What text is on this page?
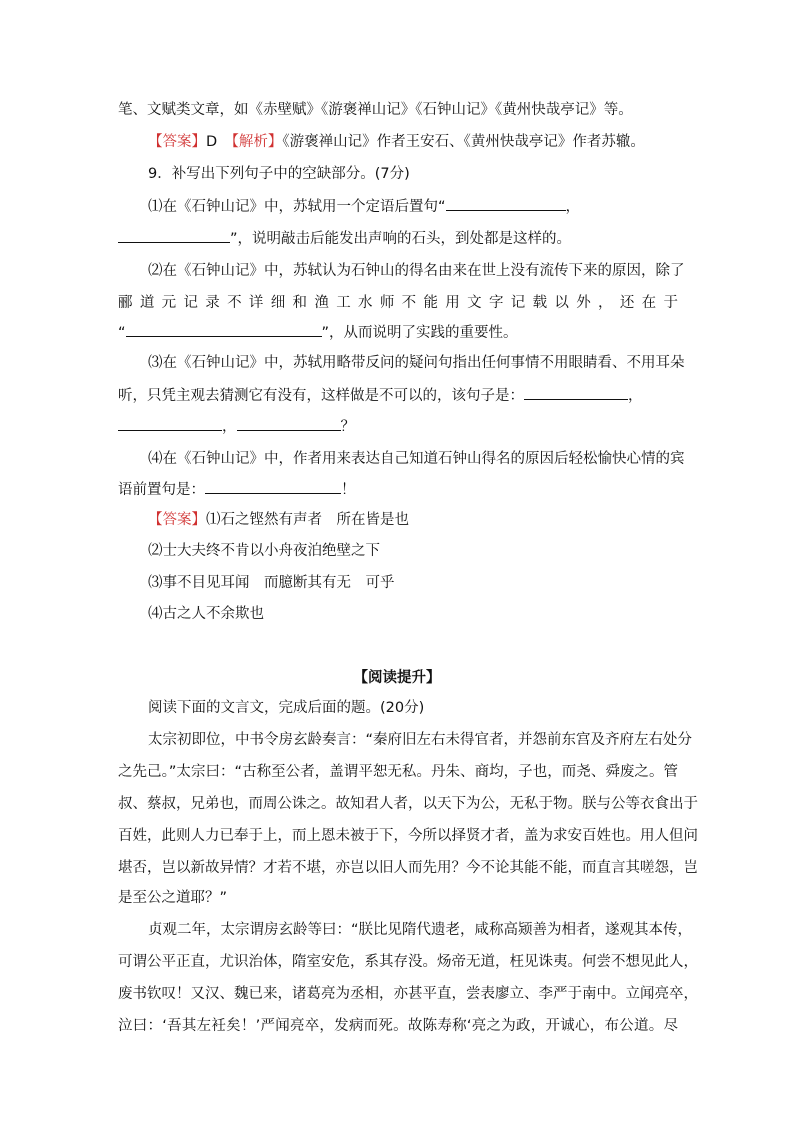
笔、文赋类文章，如《赤壁赋》《游褒禅山记》《石钟山记》《黄州快哉亭记》等。
【答案】D　 【解析】《游褒禅山记》作者王安石、《黄州快哉亭记》作者苏辙。
9．补写出下列句子中的空缺部分。(7分)
⑴在《石钟山记》中，苏轼用一个定语后置句“	，
”，说明敲击后能发出声响的石头，到处都是这样的。
⑵在《石钟山记》中，苏轼认为石钟山的得名由来在世上没有流传下来的原因，除了
郦道元记录不详细和渔工水师不能用文字记载以外，还在于
“	”，从而说明了实践的重要性。
⑶在《石钟山记》中，苏轼用略带反问的疑问句指出任何事情不用眼睛看、不用耳朵
听，只凭主观去猜测它有没有，这样做是不可以的，该句子是：	，
，	？
⑷在《石钟山记》中，作者用来表达自己知道石钟山得名的原因后轻松愉快心情的宾
语前置句是：	！
【答案】⑴石之铿然有声者　所在皆是也
⑵士大夫终不肯以小舟夜泊绝壁之下
⑶事不目见耳闻　而臆断其有无　可乎
⑷古之人不余欺也
【阅读提升】
阅读下面的文言文，完成后面的题。(20分)
太宗初即位，中书令房玄龄奏言：“秦府旧左右未得官者，并怨前东宫及齐府左右处分
之先己。”太宗曰：“古称至公者，盖谓平恕无私。丹朱、商均，子也，而尧、舜废之。管
叔、蔡叔，兄弟也，而周公诛之。故知君人者，以天下为公，无私于物。朕与公等衣食出于
百姓，此则人力已奉于上，而上恩未被于下，今所以择贤才者，盖为求安百姓也。用人但问
堪否，岂以新故异情？才若不堪，亦岂以旧人而先用？今不论其能不能，而直言其嗟怨，岂
是至公之道耶？”
贞观二年，太宗谓房玄龄等曰：“朕比见隋代遗老，咸称高颎善为相者，遂观其本传，
可谓公平正直，尤识治体，隋室安危，系其存没。炀帝无道，枉见诛夷。何尝不想见此人，
废书钦叹！又汉、魏已来，诸葛亮为丞相，亦甚平直，尝表廖立、李严于南中。立闻亮卒，
泣曰：‘吾其左衽矣！’严闻亮卒，发病而死。故陈寿称‘亮之为政，开诚心，布公道。尽
